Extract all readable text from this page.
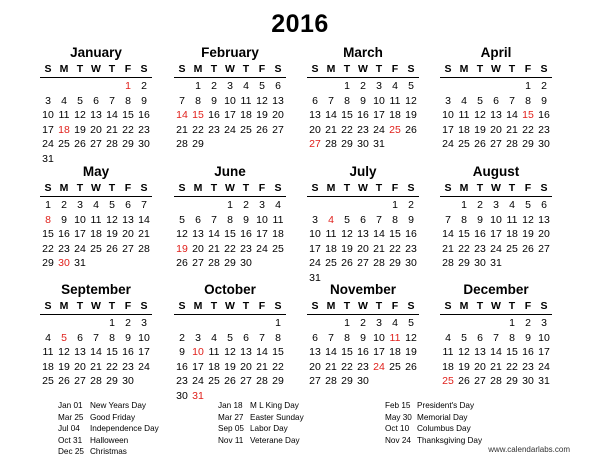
2016
January
S M T W T F S
1 2
3 4 5 6 7 8 9
10 11 12 13 14 15 16
17 18 19 20 21 22 23
24 25 26 27 28 29 30
31
February
S M T W T F S
1 2 3 4 5 6
7 8 9 10 11 12 13
14 15 16 17 18 19 20
21 22 23 24 25 26 27
28 29
March
S M T W T F S
1 2 3 4 5
6 7 8 9 10 11 12
13 14 15 16 17 18 19
20 21 22 23 24 25 26
27 28 29 30 31
April
S M T W T F S
1 2
3 4 5 6 7 8 9
10 11 12 13 14 15 16
17 18 19 20 21 22 23
24 25 26 27 28 29 30
May
S M T W T F S
1 2 3 4 5 6 7
8 9 10 11 12 13 14
15 16 17 18 19 20 21
22 23 24 25 26 27 28
29 30 31
June
S M T W T F S
1 2 3 4
5 6 7 8 9 10 11
12 13 14 15 16 17 18
19 20 21 22 23 24 25
26 27 28 29 30
July
S M T W T F S
1 2
3 4 5 6 7 8 9
10 11 12 13 14 15 16
17 18 19 20 21 22 23
24 25 26 27 28 29 30
31
August
S M T W T F S
1 2 3 4 5 6
7 8 9 10 11 12 13
14 15 16 17 18 19 20
21 22 23 24 25 26 27
28 29 30 31
September
S M T W T F S
1 2 3
4 5 6 7 8 9 10
11 12 13 14 15 16 17
18 19 20 21 22 23 24
25 26 27 28 29 30
October
S M T W T F S
1
2 3 4 5 6 7 8
9 10 11 12 13 14 15
16 17 18 19 20 21 22
23 24 25 26 27 28 29
30 31
November
S M T W T F S
1 2 3 4 5
6 7 8 9 10 11 12
13 14 15 16 17 18 19
20 21 22 23 24 25 26
27 28 29 30
December
S M T W T F S
1 2 3
4 5 6 7 8 9 10
11 12 13 14 15 16 17
18 19 20 21 22 23 24
25 26 27 28 29 30 31
Jan 01 New Years Day
Mar 25 Good Friday
Jul 04 Independence Day
Oct 31 Halloween
Dec 25 Christmas
Jan 18 M L King Day
Mar 27 Easter Sunday
Sep 05 Labor Day
Nov 11 Veterane Day
Feb 15 President's Day
May 30 Memorial Day
Oct 10 Columbus Day
Nov 24 Thanksgiving Day
www.calendarlabs.com
